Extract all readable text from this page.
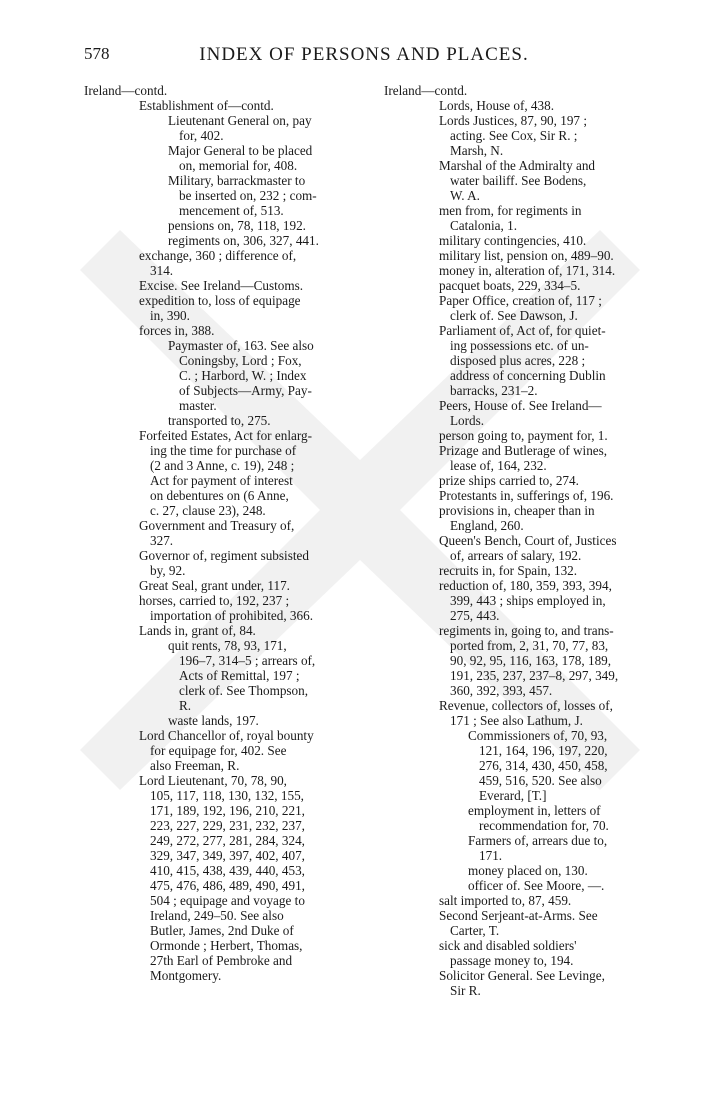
578	INDEX OF PERSONS AND PLACES.
Ireland—contd.
Establishment of—contd.
Lieutenant General on, pay
for, 402.
Major General to be placed
on, memorial for, 408.
Military, barrackmaster to
be inserted on, 232 ; com-
mencement of, 513.
pensions on, 78, 118, 192.
regiments on, 306, 327, 441.
exchange, 360 ; difference of,
314.
Excise. See Ireland—Customs.
expedition to, loss of equipage
in, 390.
forces in, 388.
Paymaster of, 163. See also
Coningsby, Lord ; Fox,
C. ; Harbord, W. ; Index
of Subjects—Army, Pay-
master.
transported to, 275.
Forfeited Estates, Act for enlarg-
ing the time for purchase of
(2 and 3 Anne, c. 19), 248 ;
Act for payment of interest
on debentures on (6 Anne,
c. 27, clause 23), 248.
Government and Treasury of,
327.
Governor of, regiment subsisted
by, 92.
Great Seal, grant under, 117.
horses, carried to, 192, 237 ;
importation of prohibited, 366.
Lands in, grant of, 84.
quit rents, 78, 93, 171,
196–7, 314–5 ; arrears of,
Acts of Remittal, 197 ;
clerk of. See Thompson,
R.
waste lands, 197.
Lord Chancellor of, royal bounty
for equipage for, 402. See
also Freeman, R.
Lord Lieutenant, 70, 78, 90,
105, 117, 118, 130, 132, 155,
171, 189, 192, 196, 210, 221,
223, 227, 229, 231, 232, 237,
249, 272, 277, 281, 284, 324,
329, 347, 349, 397, 402, 407,
410, 415, 438, 439, 440, 453,
475, 476, 486, 489, 490, 491,
504 ; equipage and voyage to
Ireland, 249–50. See also
Butler, James, 2nd Duke of
Ormonde ; Herbert, Thomas,
27th Earl of Pembroke and
Montgomery.
Ireland—contd.
Lords, House of, 438.
Lords Justices, 87, 90, 197 ;
acting. See Cox, Sir R. ;
Marsh, N.
Marshal of the Admiralty and
water bailiff. See Bodens,
W. A.
men from, for regiments in
Catalonia, 1.
military contingencies, 410.
military list, pension on, 489–90.
money in, alteration of, 171, 314.
pacquet boats, 229, 334–5.
Paper Office, creation of, 117 ;
clerk of. See Dawson, J.
Parliament of, Act of, for quiet-
ing possessions etc. of un-
disposed plus acres, 228 ;
address of concerning Dublin
barracks, 231–2.
Peers, House of. See Ireland—
Lords.
person going to, payment for, 1.
Prizage and Butlerage of wines,
lease of, 164, 232.
prize ships carried to, 274.
Protestants in, sufferings of, 196.
provisions in, cheaper than in
England, 260.
Queen's Bench, Court of, Justices
of, arrears of salary, 192.
recruits in, for Spain, 132.
reduction of, 180, 359, 393, 394,
399, 443 ; ships employed in,
275, 443.
regiments in, going to, and trans-
ported from, 2, 31, 70, 77, 83,
90, 92, 95, 116, 163, 178, 189,
191, 235, 237, 237–8, 297, 349,
360, 392, 393, 457.
Revenue, collectors of, losses of,
171 ; See also Lathum, J.
Commissioners of, 70, 93,
121, 164, 196, 197, 220,
276, 314, 430, 450, 458,
459, 516, 520. See also
Everard, [T.]
employment in, letters of
recommendation for, 70.
Farmers of, arrears due to,
171.
money placed on, 130.
officer of. See Moore, —.
salt imported to, 87, 459.
Second Serjeant-at-Arms. See
Carter, T.
sick and disabled soldiers'
passage money to, 194.
Solicitor General. See Levinge,
Sir R.
